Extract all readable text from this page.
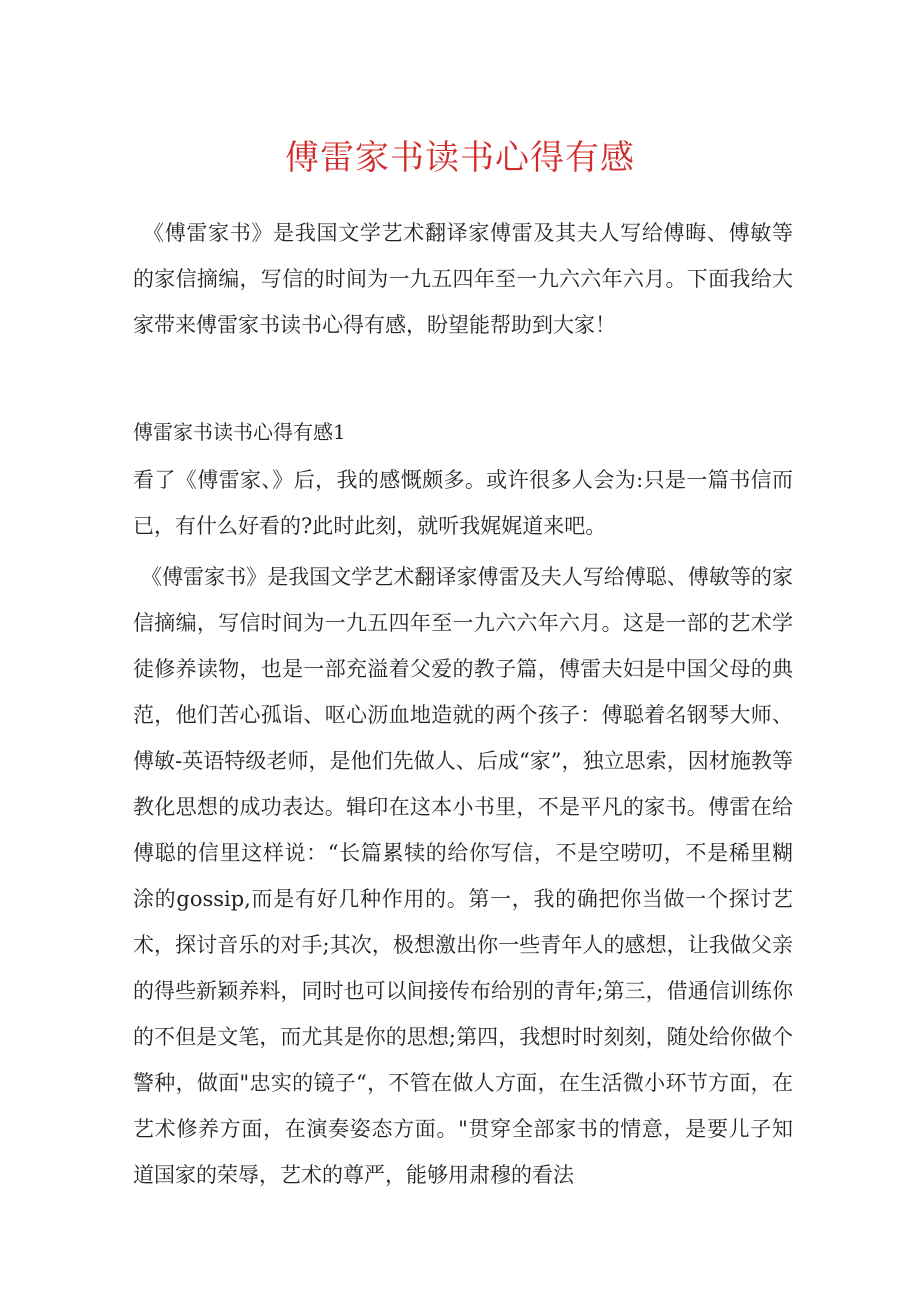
傅雷家书读书心得有感

《傅雷家书》是我国文学艺术翻译家傅雷及其夫人写给傅晦、傅敏等的家信摘编，写信的时间为一九五四年至一九六六年六月。下面我给大家带来傅雷家书读书心得有感，盼望能帮助到大家！

傅雷家书读书心得有感1

看了《傅雷家、》后，我的感慨颇多。或许很多人会为:只是一篇书信而已，有什么好看的?此时此刻，就听我娓娓道来吧。

《傅雷家书》是我国文学艺术翻译家傅雷及夫人写给傅聪、傅敏等的家信摘编，写信时间为一九五四年至一九六六年六月。这是一部的艺术学徒修养读物，也是一部充溢着父爱的教子篇，傅雷夫妇是中国父母的典范，他们苦心孤诣、呕心沥血地造就的两个孩子：傅聪着名钢琴大师、傅敏-英语特级老师，是他们先做人、后成“家”，独立思索，因材施教等教化思想的成功表达。辑印在这本小书里，不是平凡的家书。傅雷在给傅聪的信里这样说：“长篇累犊的给你写信，不是空唠叨，不是稀里糊涂的gossip,而是有好几种作用的。第一，我的确把你当做一个探讨艺术，探讨音乐的对手;其次，极想激出你一些青年人的感想，让我做父亲的得些新颖养料，同时也可以间接传布给别的青年;第三，借通信训练你的不但是文笔，而尤其是你的思想;第四，我想时时刻刻，随处给你做个警种，做面"忠实的镜子“，不管在做人方面，在生活微小环节方面，在艺术修养方面，在演奏姿态方面。"贯穿全部家书的情意，是要儿子知道国家的荣辱，艺术的尊严，能够用肃穆的看法
